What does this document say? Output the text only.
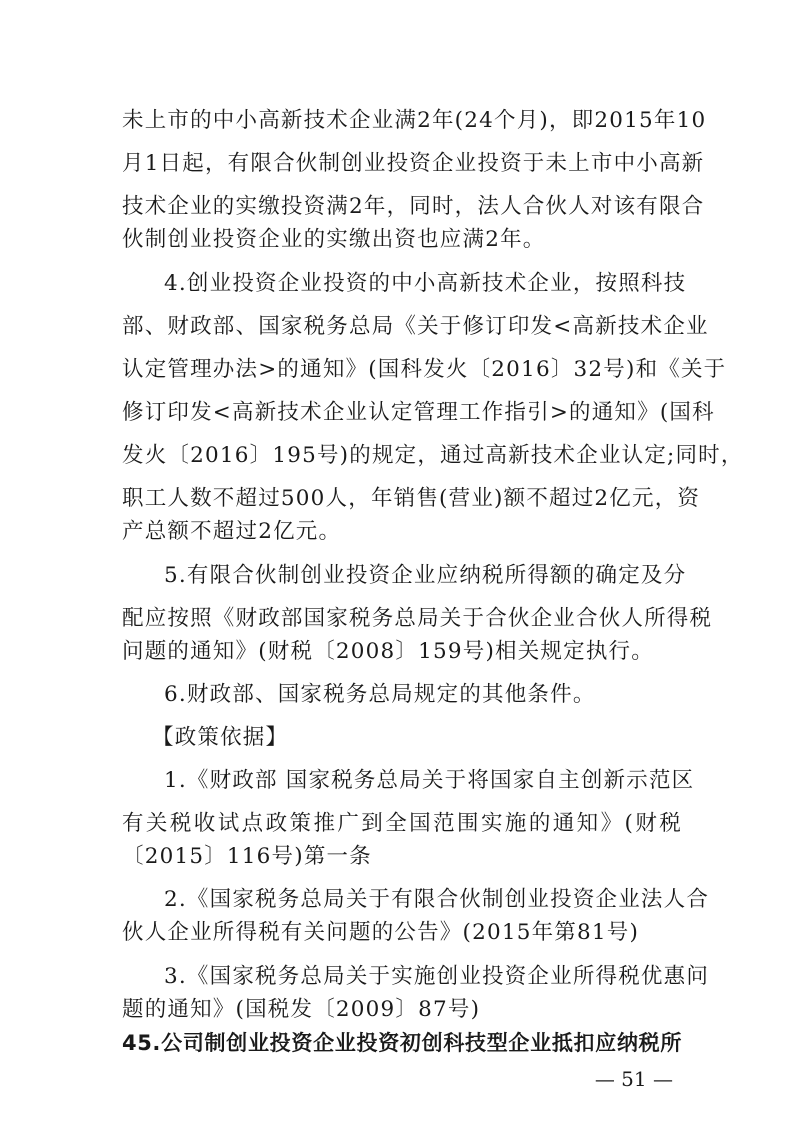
未上市的中小高新技术企业满2年(24个月)，即2015年10
月1日起，有限合伙制创业投资企业投资于未上市中小高新
技术企业的实缴投资满2年，同时，法人合伙人对该有限合
伙制创业投资企业的实缴出资也应满2年。
4.创业投资企业投资的中小高新技术企业，按照科技
部、财政部、国家税务总局《关于修订印发<高新技术企业
认定管理办法>的通知》(国科发火〔2016〕32号)和《关于
修订印发<高新技术企业认定管理工作指引>的通知》(国科
发火〔2016〕195号)的规定，通过高新技术企业认定;同时，
职工人数不超过500人，年销售(营业)额不超过2亿元，资
产总额不超过2亿元。
5.有限合伙制创业投资企业应纳税所得额的确定及分
配应按照《财政部国家税务总局关于合伙企业合伙人所得税
问题的通知》(财税〔2008〕159号)相关规定执行。
6.财政部、国家税务总局规定的其他条件。
【政策依据】
1.《财政部 国家税务总局关于将国家自主创新示范区
有关税收试点政策推广到全国范围实施的通知》(财税
〔2015〕116号)第一条
2.《国家税务总局关于有限合伙制创业投资企业法人合
伙人企业所得税有关问题的公告》(2015年第81号)
3.《国家税务总局关于实施创业投资企业所得税优惠问
题的通知》(国税发〔2009〕87号)
45.公司制创业投资企业投资初创科技型企业抵扣应纳税所
— 51 —
